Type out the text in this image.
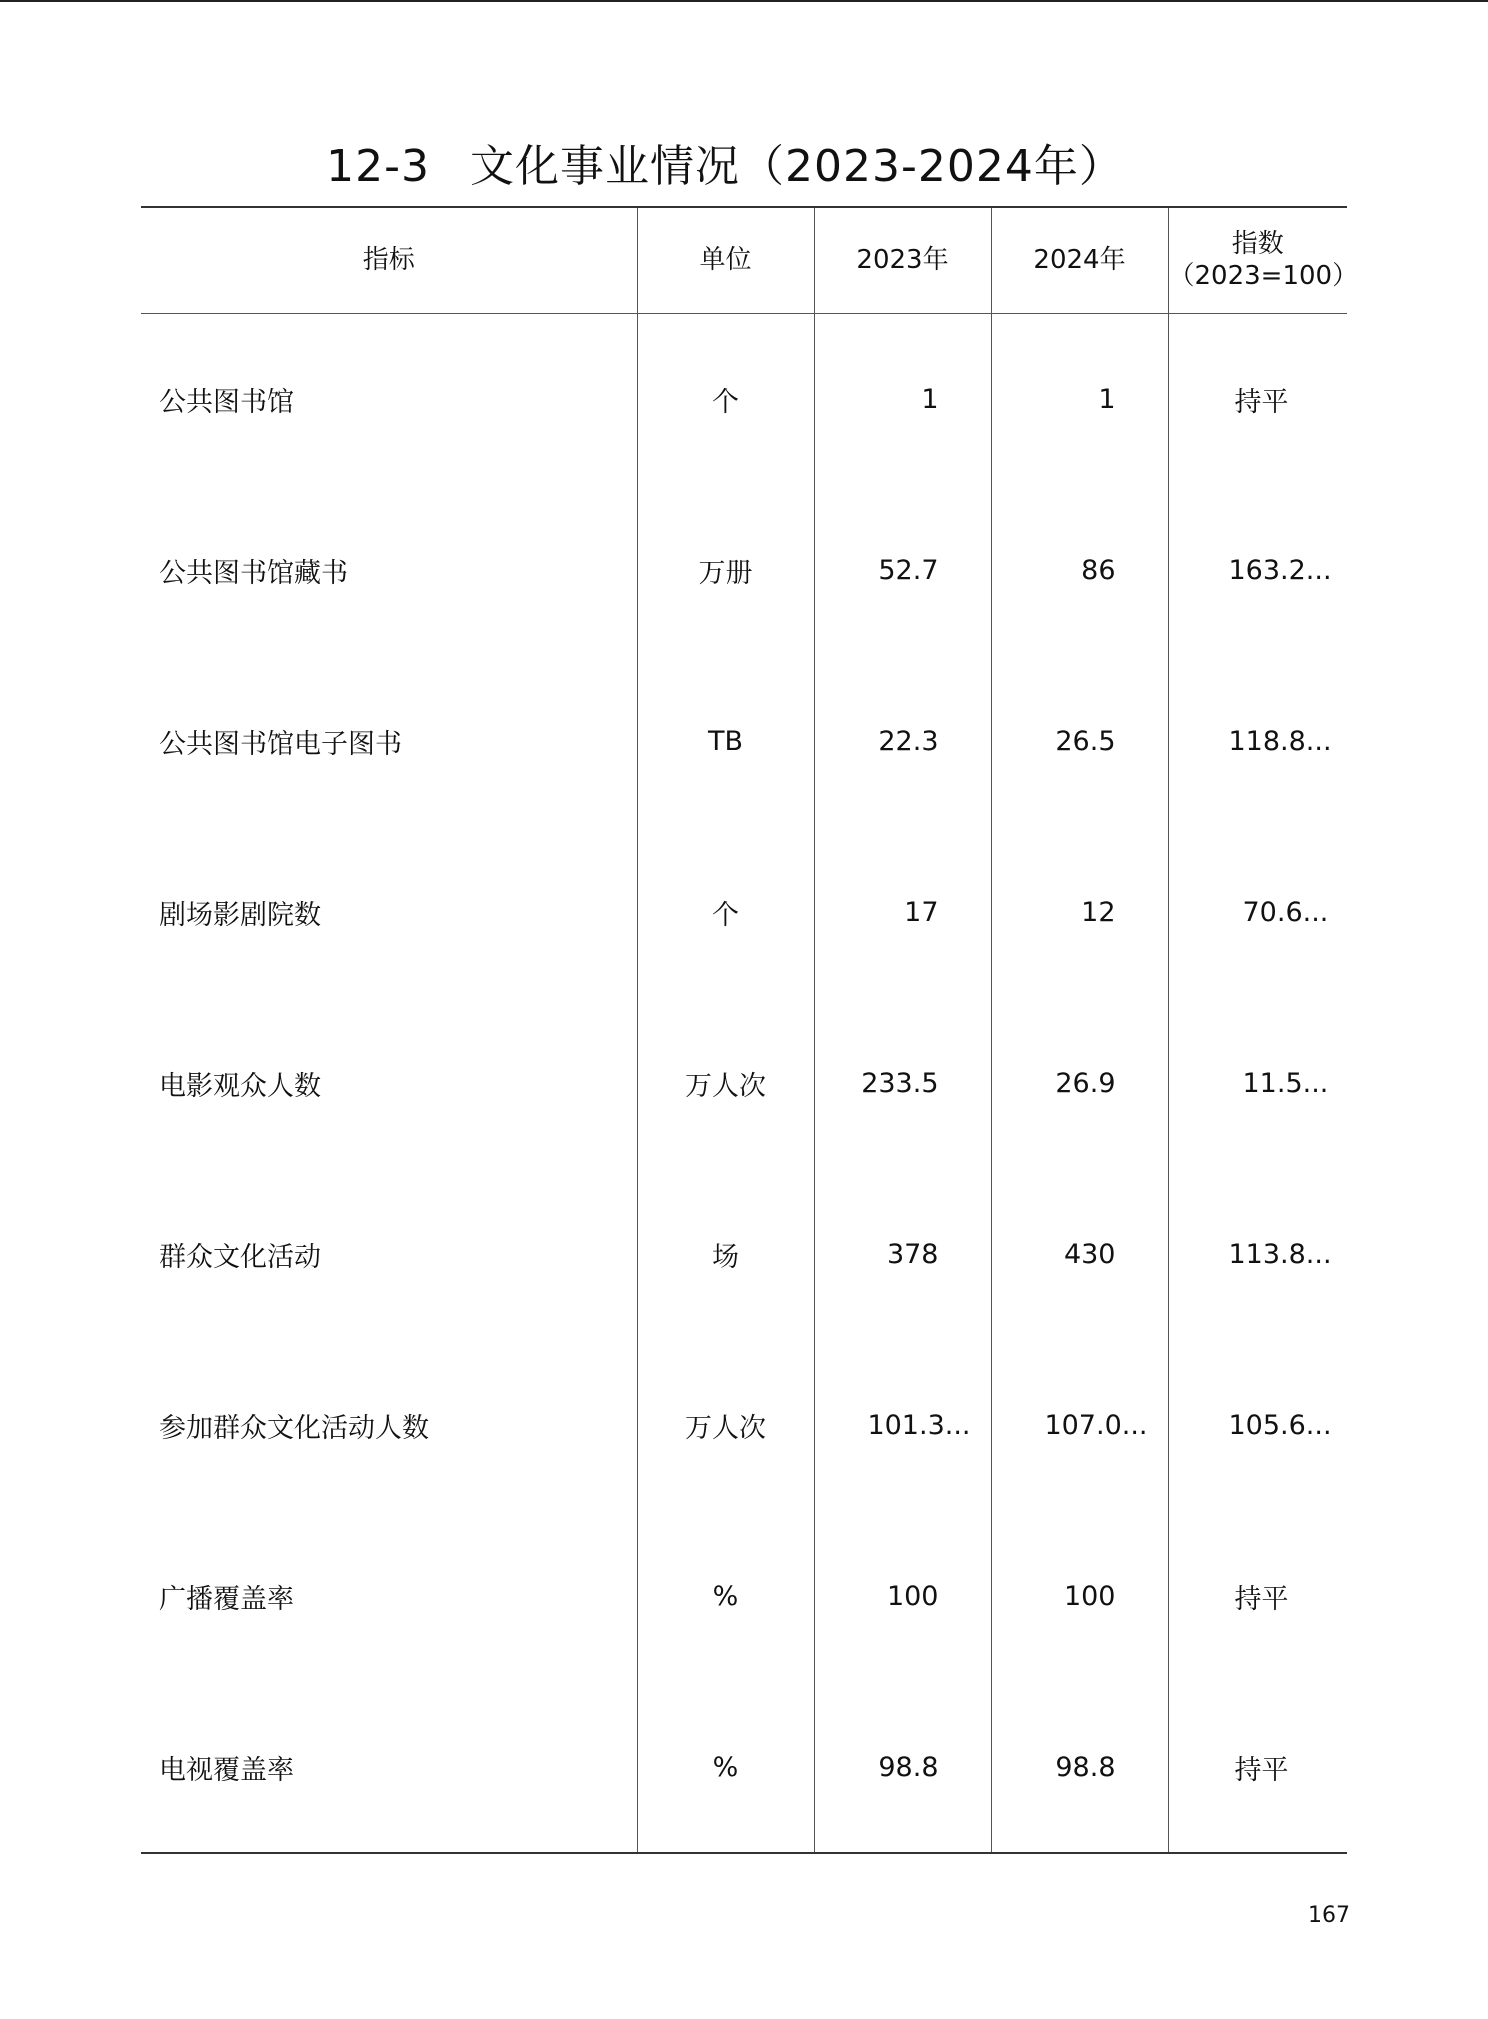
12-3 文化事业情况（2023-2024年）
指标	单位	2023年	2024年	指数
（2023=100）

公共图书馆	个	1	1	持平
公共图书馆藏书	万册	52.7	86	163.2...
公共图书馆电子图书	TB	22.3	26.5	118.8...
剧场影剧院数	个	17	12	70.6...
电影观众人数	万人次	233.5	26.9	11.5...
群众文化活动	场	378	430	113.8...
参加群众文化活动人数	万人次	101.3...	107.0...	105.6...
广播覆盖率	%	100	100	持平
电视覆盖率	%	98.8	98.8	持平
167
